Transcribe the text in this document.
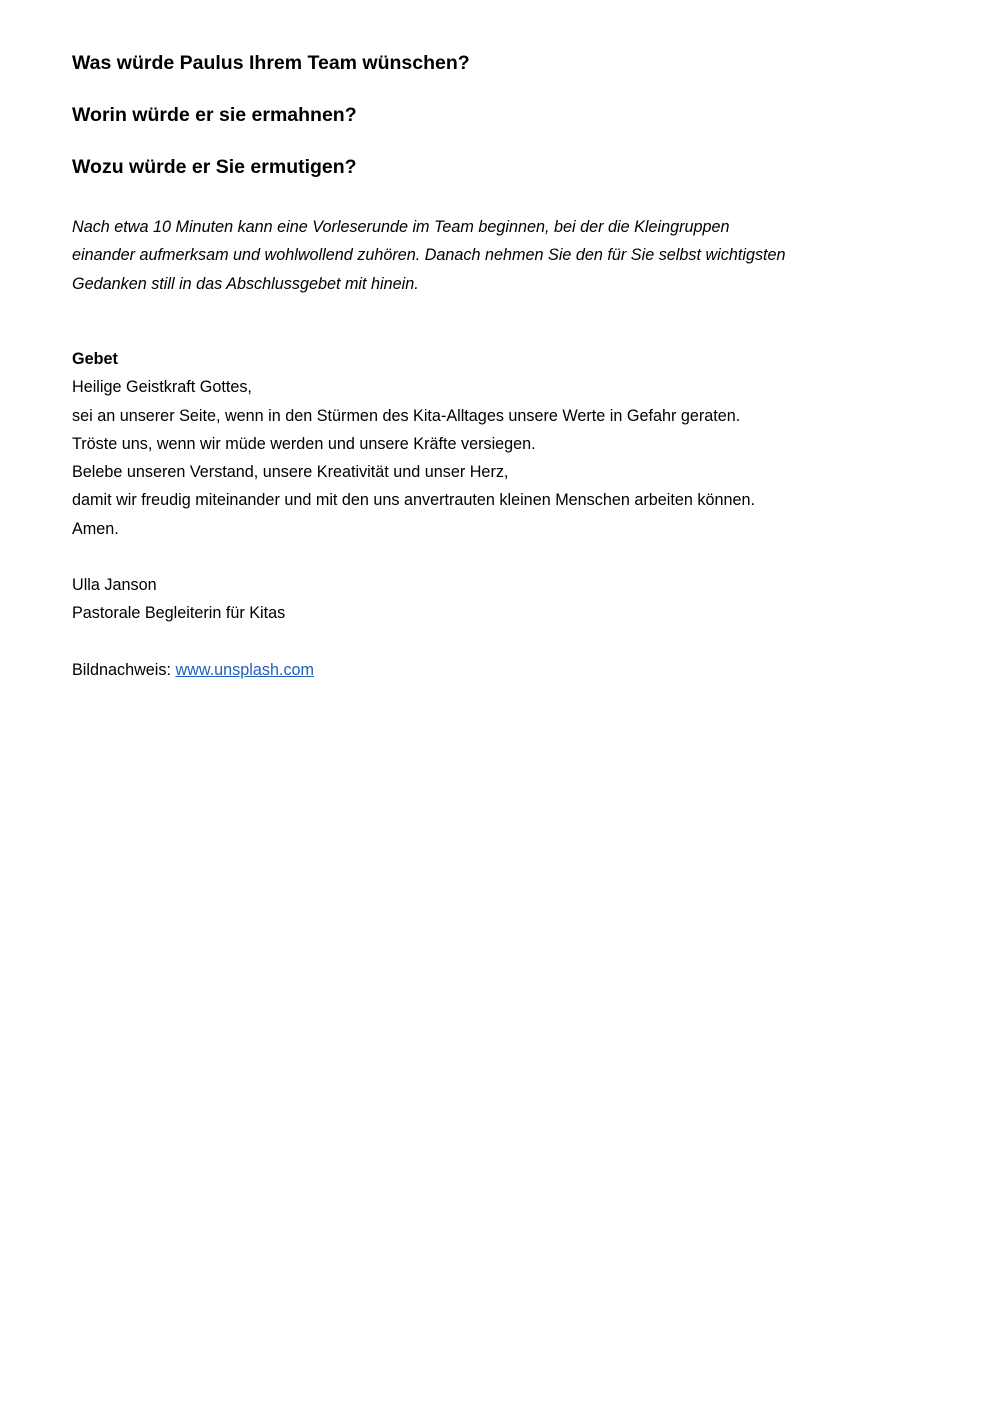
Was würde Paulus Ihrem Team wünschen?
Worin würde er sie ermahnen?
Wozu würde er Sie ermutigen?

Nach etwa 10 Minuten kann eine Vorleserunde im Team beginnen, bei der die Kleingruppen
einander aufmerksam und wohlwollend zuhören. Danach nehmen Sie den für Sie selbst wichtigsten
Gedanken still in das Abschlussgebet mit hinein.

Gebet
Heilige Geistkraft Gottes,
sei an unserer Seite, wenn in den Stürmen des Kita-Alltages unsere Werte in Gefahr geraten.
Tröste uns, wenn wir müde werden und unsere Kräfte versiegen.
Belebe unseren Verstand, unsere Kreativität und unser Herz,
damit wir freudig miteinander und mit den uns anvertrauten kleinen Menschen arbeiten können.
Amen.
Ulla Janson
Pastorale Begleiterin für Kitas
Bildnachweis: www.unsplash.com
